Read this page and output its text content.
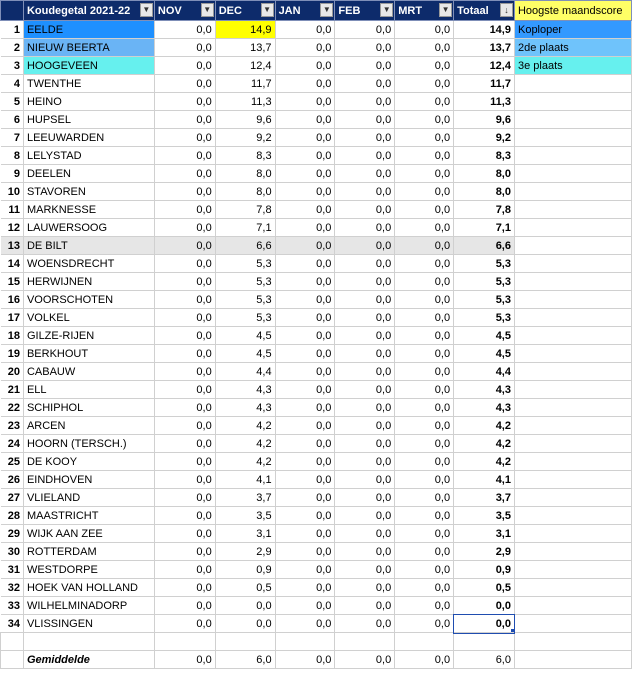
	Koudegetal 2021-22 ▼	NOV ▼	DEC ▼	JAN ▼	FEB ▼	MRT ▼	Totaal ↓	Hoogste maandscore
1	EELDE	0,0	14,9	0,0	0,0	0,0	14,9	Koploper
2	NIEUW BEERTA	0,0	13,7	0,0	0,0	0,0	13,7	2de plaats
3	HOOGEVEEN	0,0	12,4	0,0	0,0	0,0	12,4	3e plaats
4	TWENTHE	0,0	11,7	0,0	0,0	0,0	11,7	
5	HEINO	0,0	11,3	0,0	0,0	0,0	11,3	
6	HUPSEL	0,0	9,6	0,0	0,0	0,0	9,6	
7	LEEUWARDEN	0,0	9,2	0,0	0,0	0,0	9,2	
8	LELYSTAD	0,0	8,3	0,0	0,0	0,0	8,3	
9	DEELEN	0,0	8,0	0,0	0,0	0,0	8,0	
10	STAVOREN	0,0	8,0	0,0	0,0	0,0	8,0	
11	MARKNESSE	0,0	7,8	0,0	0,0	0,0	7,8	
12	LAUWERSOOG	0,0	7,1	0,0	0,0	0,0	7,1	
13	DE BILT	0,0	6,6	0,0	0,0	0,0	6,6	
14	WOENSDRECHT	0,0	5,3	0,0	0,0	0,0	5,3	
15	HERWIJNEN	0,0	5,3	0,0	0,0	0,0	5,3	
16	VOORSCHOTEN	0,0	5,3	0,0	0,0	0,0	5,3	
17	VOLKEL	0,0	5,3	0,0	0,0	0,0	5,3	
18	GILZE-RIJEN	0,0	4,5	0,0	0,0	0,0	4,5	
19	BERKHOUT	0,0	4,5	0,0	0,0	0,0	4,5	
20	CABAUW	0,0	4,4	0,0	0,0	0,0	4,4	
21	ELL	0,0	4,3	0,0	0,0	0,0	4,3	
22	SCHIPHOL	0,0	4,3	0,0	0,0	0,0	4,3	
23	ARCEN	0,0	4,2	0,0	0,0	0,0	4,2	
24	HOORN (TERSCH.)	0,0	4,2	0,0	0,0	0,0	4,2	
25	DE KOOY	0,0	4,2	0,0	0,0	0,0	4,2	
26	EINDHOVEN	0,0	4,1	0,0	0,0	0,0	4,1	
27	VLIELAND	0,0	3,7	0,0	0,0	0,0	3,7	
28	MAASTRICHT	0,0	3,5	0,0	0,0	0,0	3,5	
29	WIJK AAN ZEE	0,0	3,1	0,0	0,0	0,0	3,1	
30	ROTTERDAM	0,0	2,9	0,0	0,0	0,0	2,9	
31	WESTDORPE	0,0	0,9	0,0	0,0	0,0	0,9	
32	HOEK VAN HOLLAND	0,0	0,5	0,0	0,0	0,0	0,5	
33	WILHELMINADORP	0,0	0,0	0,0	0,0	0,0	0,0	
34	VLISSINGEN	0,0	0,0	0,0	0,0	0,0	0,0

	Gemiddelde	0,0	6,0	0,0	0,0	0,0	6,0	
